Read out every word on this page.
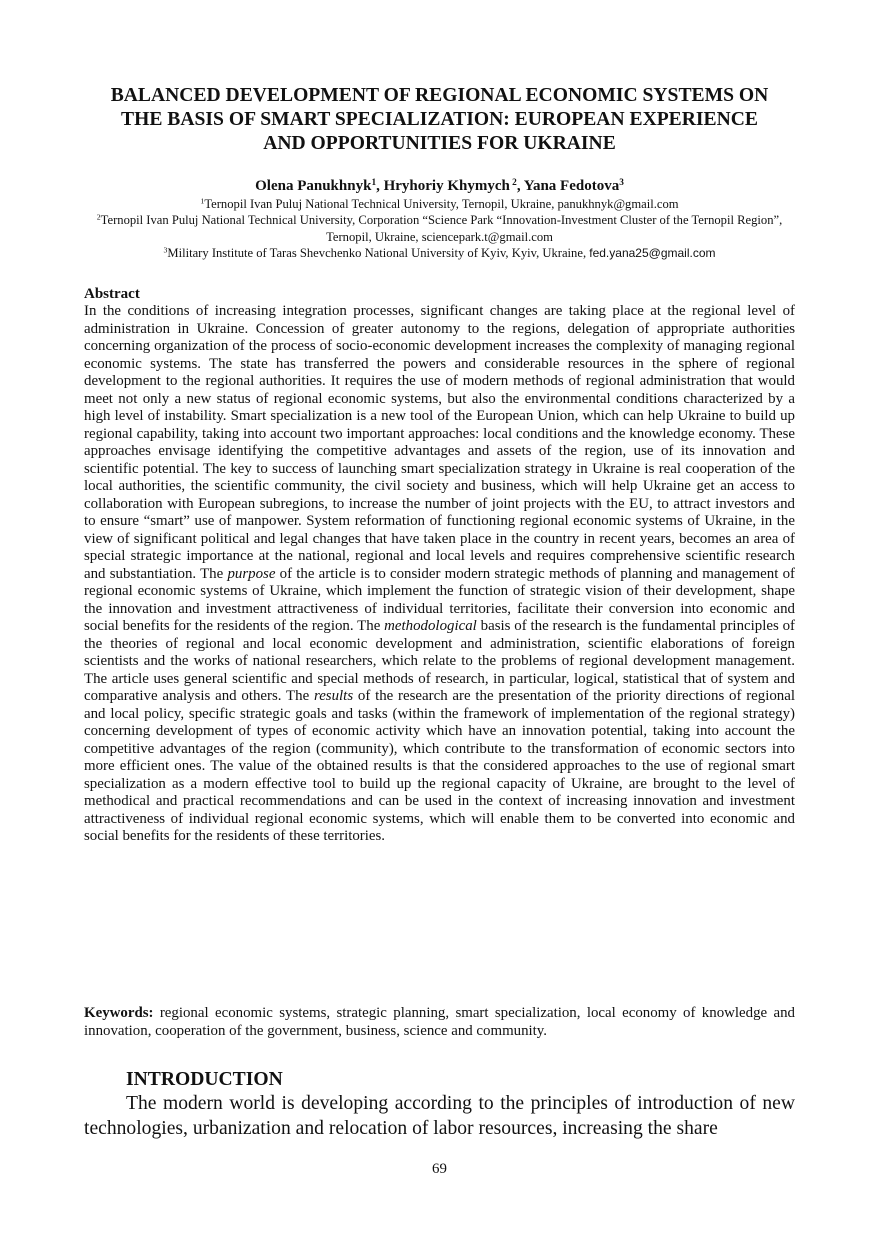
BALANCED DEVELOPMENT OF REGIONAL ECONOMIC SYSTEMS ON
THE BASIS OF SMART SPECIALIZATION: EUROPEAN EXPERIENCE
AND OPPORTUNITIES FOR UKRAINE
Olena Panukhnyk$^1$, Hryhoriy Khymych $^2$, Yana Fedotova$^3$
$^1$Ternopil Ivan Puluj National Technical University, Ternopil, Ukraine, panukhnyk@gmail.com
$^2$Ternopil Ivan Puluj National Technical University, Corporation “Science Park “Innovation-Investment Cluster of the Ternopil Region”, Ternopil, Ukraine, sciencepark.t@gmail.com
$^3$Military Institute of Taras Shevchenko National University of Kyiv, Kyiv, Ukraine, fed.yana25@gmail.com
Abstract

In the conditions of increasing integration processes, significant changes are taking place at the regional level of administration in Ukraine. Concession of greater autonomy to the regions, delegation of appropriate authorities concerning organization of the process of socio-economic development increases the complexity of managing regional economic systems. The state has transferred the powers and considerable resources in the sphere of regional development to the regional authorities. It requires the use of modern methods of regional administration that would meet not only a new status of regional economic systems, but also the environmental conditions characterized by a high level of instability. Smart specialization is a new tool of the European Union, which can help Ukraine to build up regional capability, taking into account two important approaches: local conditions and the knowledge economy. These approaches envisage identifying the competitive advantages and assets of the region, use of its innovation and scientific potential. The key to success of launching smart specialization strategy in Ukraine is real cooperation of the local authorities, the scientific community, the civil society and business, which will help Ukraine get an access to collaboration with European subregions, to increase the number of joint projects with the EU, to attract investors and to ensure “smart” use of manpower. System reformation of functioning regional economic systems of Ukraine, in the view of significant political and legal changes that have taken place in the country in recent years, becomes an area of special strategic importance at the national, regional and local levels and requires comprehensive scientific research and substantiation. The purpose of the article is to consider modern strategic methods of planning and management of regional economic systems of Ukraine, which implement the function of strategic vision of their development, shape the innovation and investment attractiveness of individual territories, facilitate their conversion into economic and social benefits for the residents of the region. The methodological basis of the research is the fundamental principles of the theories of regional and local economic development and administration, scientific elaborations of foreign scientists and the works of national researchers, which relate to the problems of regional development management. The article uses general scientific and special methods of research, in particular, logical, statistical that of system and comparative analysis and others. The results of the research are the presentation of the priority directions of regional and local policy, specific strategic goals and tasks (within the framework of implementation of the regional strategy) concerning development of types of economic activity which have an innovation potential, taking into account the competitive advantages of the region (community), which contribute to the transformation of economic sectors into more efficient ones. The value of the obtained results is that the considered approaches to the use of regional smart specialization as a modern effective tool to build up the regional capacity of Ukraine, are brought to the level of methodical and practical recommendations and can be used in the context of increasing innovation and investment attractiveness of individual regional economic systems, which will enable them to be converted into economic and social benefits for the residents of these territories.

Keywords: regional economic systems, strategic planning, smart specialization, local economy of knowledge and innovation, cooperation of the government, business, science and community.

INTRODUCTION

The modern world is developing according to the principles of introduction of new technologies, urbanization and relocation of labor resources, increasing the share

69
